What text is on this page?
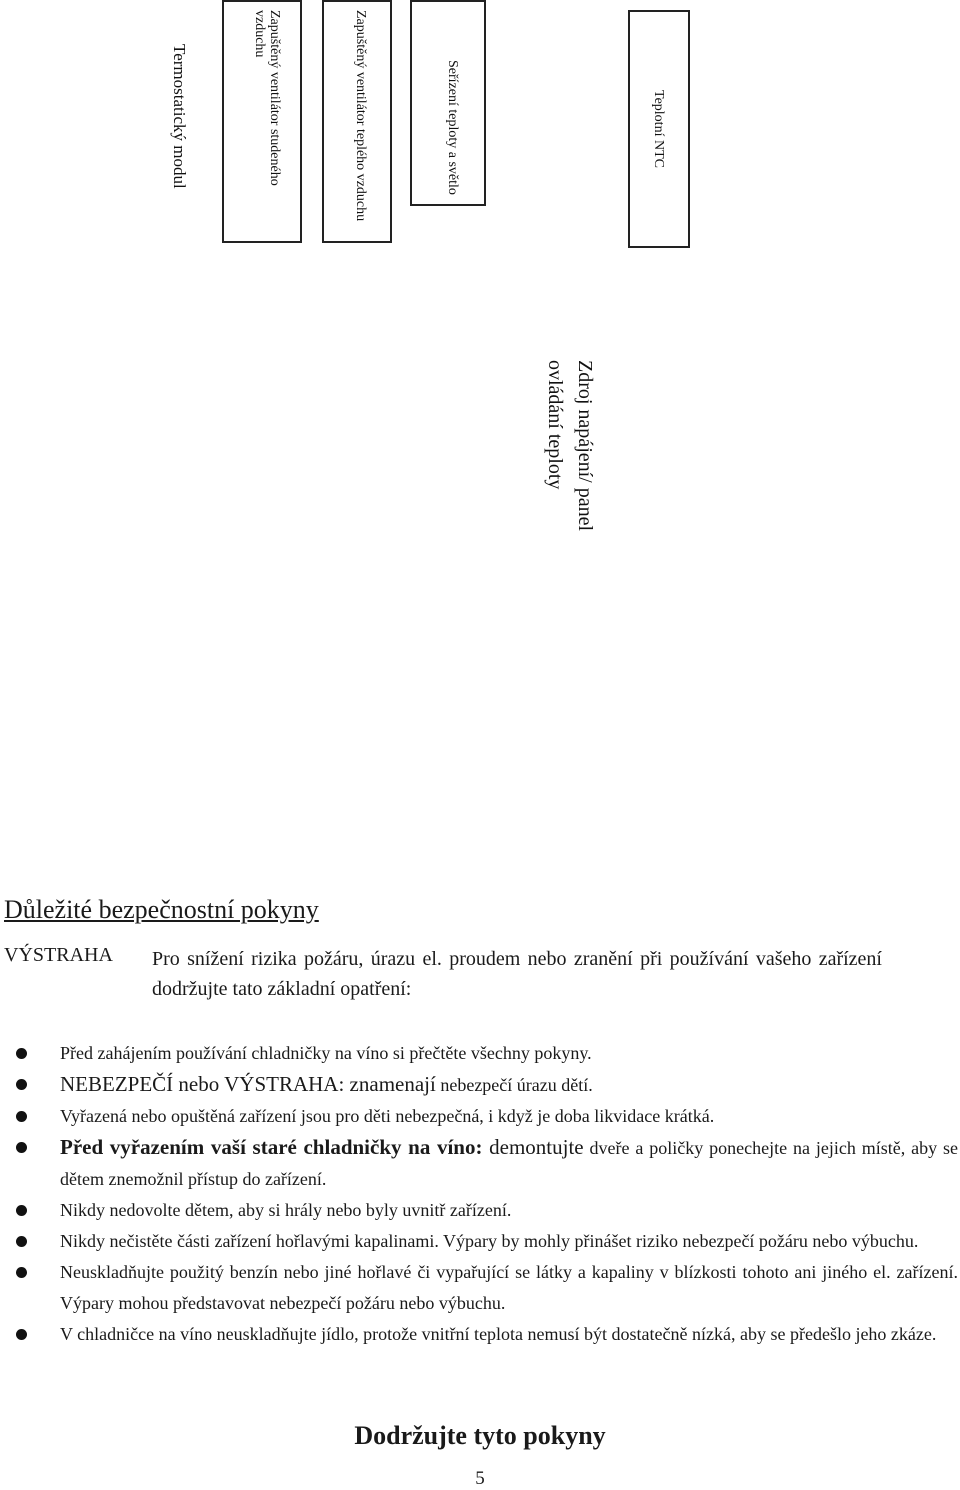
Termostatický modul
Zapuštěný ventilátor studeného
vzduchu	Zapuštěný ventilátor teplého vzduchu	Seřízení teploty a světlo	Teplotní NTC
Zdroj napájení/ panel
ovládání teploty
Důležité bezpečnostní pokyny
VÝSTRAHA Pro snížení rizika požáru, úrazu el. proudem nebo zranění při používání vašeho zařízení dodržujte tato základní opatření:
Před zahájením používání chladničky na víno si přečtěte všechny pokyny.
NEBEZPEČÍ nebo VÝSTRAHA: znamenají nebezpečí úrazu dětí.
Vyřazená nebo opuštěná zařízení jsou pro děti nebezpečná, i když je doba likvidace krátká.
Před vyřazením vaší staré chladničky na víno: demontujte dveře a poličky ponechejte na jejich místě, aby se dětem znemožnil přístup do zařízení.
Nikdy nedovolte dětem, aby si hrály nebo byly uvnitř zařízení.
Nikdy nečistěte části zařízení hořlavými kapalinami. Výpary by mohly přinášet riziko nebezpečí požáru nebo výbuchu.
Neuskladňujte použitý benzín nebo jiné hořlavé či vypařující se látky a kapaliny v blízkosti tohoto ani jiného el. zařízení. Výpary mohou představovat nebezpečí požáru nebo výbuchu.
V chladničce na víno neuskladňujte jídlo, protože vnitřní teplota nemusí být dostatečně nízká, aby se předešlo jeho zkáze.
Dodržujte tyto pokyny
5
